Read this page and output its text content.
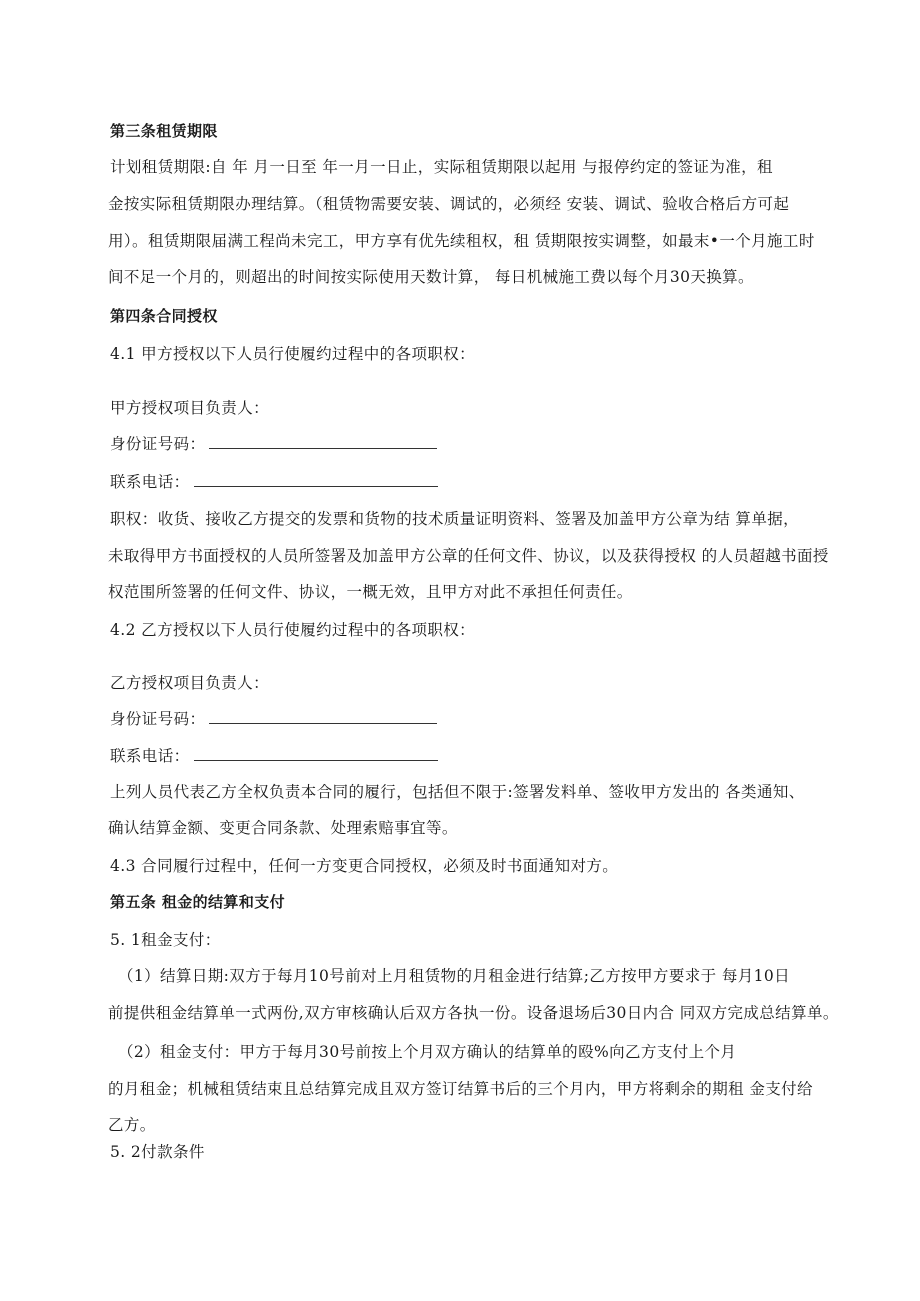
第三条租赁期限
计划租赁期限:自 年 月一日至 年一月一日止，实际租赁期限以起用 与报停约定的签证为准，租
金按实际租赁期限办理结算。（租赁物需要安装、调试的，必须经 安装、调试、验收合格后方可起
用）。租赁期限届满工程尚未完工，甲方享有优先续租权，租 赁期限按实调整，如最末•一个月施工时
间不足一个月的，则超出的时间按实际使用天数计算， 每日机械施工费以每个月30天换算。
第四条合同授权
4.1 甲方授权以下人员行使履约过程中的各项职权：
甲方授权项目负责人：
身份证号码：
联系电话：
职权：收货、接收乙方提交的发票和货物的技术质量证明资料、签署及加盖甲方公章为结 算单据，
未取得甲方书面授权的人员所签署及加盖甲方公章的任何文件、协议，以及获得授权 的人员超越书面授
权范围所签署的任何文件、协议，一概无效，且甲方对此不承担任何责任。
4.2 乙方授权以下人员行使履约过程中的各项职权：
乙方授权项目负责人：
身份证号码：
联系电话：
上列人员代表乙方全权负责本合同的履行，包括但不限于:签署发料单、签收甲方发出的 各类通知、
确认结算金额、变更合同条款、处理索赔事宜等。
4.3 合同履行过程中，任何一方变更合同授权，必须及时书面通知对方。
第五条 租金的结算和支付
5. 1租金支付：
（1）结算日期:双方于每月10号前对上月租赁物的月租金进行结算;乙方按甲方要求于 每月10日
前提供租金结算单一式两份,双方审核确认后双方各执一份。设备退场后30日内合 同双方完成总结算单。
（2）租金支付：甲方于每月30号前按上个月双方确认的结算单的殴%向乙方支付上个月
的月租金；机械租赁结束且总结算完成且双方签订结算书后的三个月内，甲方将剩余的期租 金支付给
乙方。
5. 2付款条件
